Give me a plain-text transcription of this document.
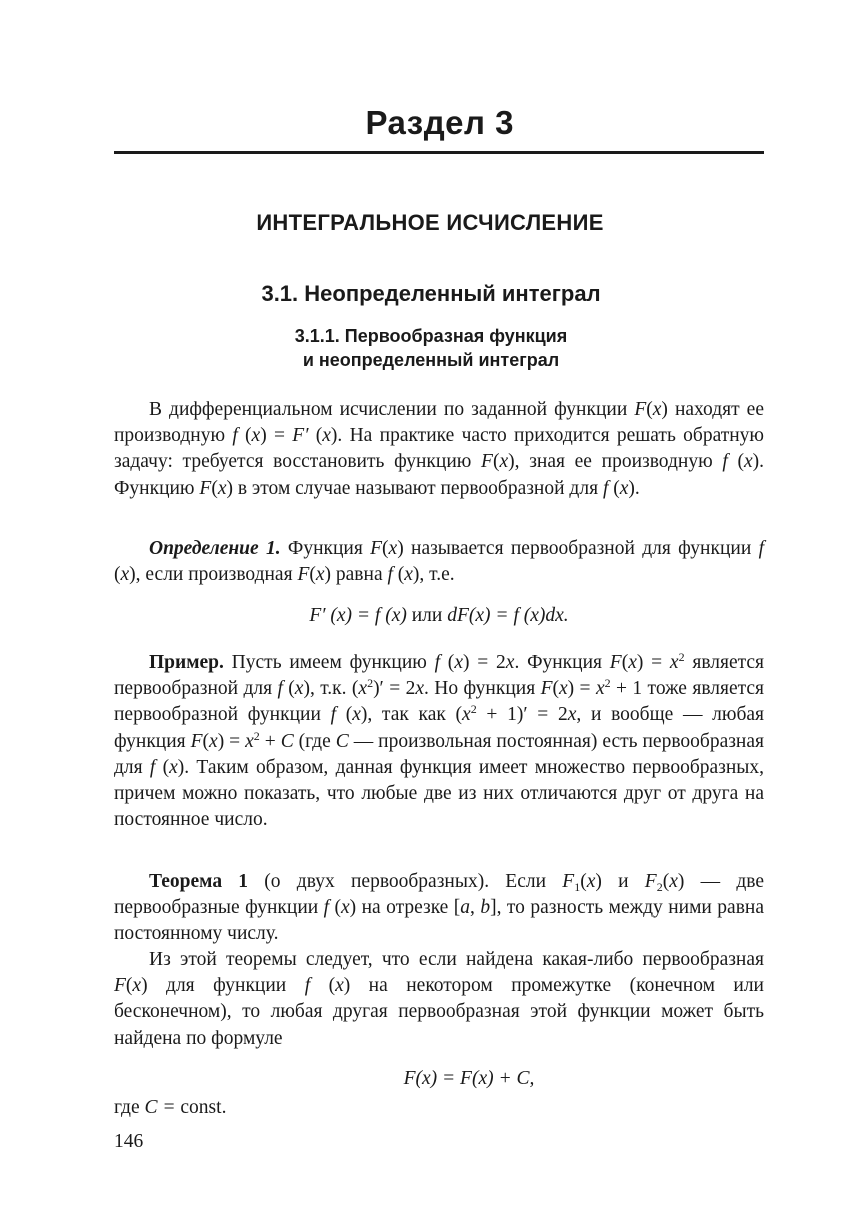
Раздел 3
ИНТЕГРАЛЬНОЕ ИСЧИСЛЕНИЕ
3.1. Неопределенный интеграл
3.1.1. Первообразная функция
и неопределенный интеграл

В дифференциальном исчислении по заданной функции F(x) находят ее производную f (x) = F′ (x). На практике часто приходится решать обратную задачу: требуется восстановить функцию F(x), зная ее производную f (x). Функцию F(x) в этом случае называют первообразной для f (x).

Определение 1. Функция F(x) называется первообразной для функции f (x), если производная F(x) равна f (x), т.е.

F′ (x) = f (x) или dF(x) = f (x)dx.

Пример. Пусть имеем функцию f (x) = 2x. Функция $F(x) = x^2$ является первообразной для f (x), т.к. $(x^2)' = 2x$. Но функция $F(x) = x^2 + 1$ тоже является первообразной функции f (x), так как $(x^2 + 1)' = 2x$, и вообще — любая функция $F(x) = x^2 + C$ (где C — произвольная постоянная) есть первообразная для f (x). Таким образом, данная функция имеет множество первообразных, причем можно показать, что любые две из них отличаются друг от друга на постоянное число.

Теорема 1 (о двух первообразных). Если $F_1(x)$ и $F_2(x)$ — две первообразные функции f (x) на отрезке [a, b], то разность между ними равна постоянному числу.

Из этой теоремы следует, что если найдена какая-либо первообразная F(x) для функции f (x) на некотором промежутке (конечном или бесконечном), то любая другая первообразная этой функции может быть найдена по формуле

F(x) = F(x) + C,
где C = const.
146
